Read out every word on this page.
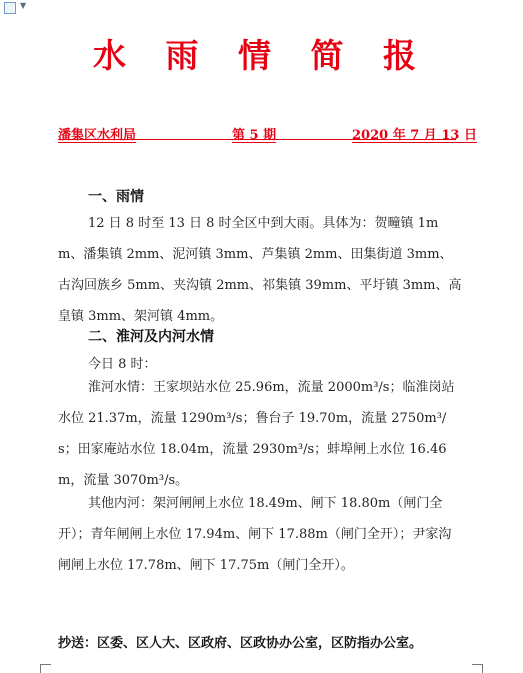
▼
水 雨 情 简 报
潘集区水利局	第 5 期	2020 年 7 月 13 日
一、雨情
12 日 8 时至 13 日 8 时全区中到大雨。具体为：贺疃镇 1mm、潘集镇 2mm、泥河镇 3mm、芦集镇 2mm、田集街道 3mm、古沟回族乡 5mm、夹沟镇 2mm、祁集镇 39mm、平圩镇 3mm、高皇镇 3mm、架河镇 4mm。
二、淮河及内河水情
今日 8 时：
淮河水情：王家坝站水位 25.96m，流量 2000m³/s；临淮岗站水位 21.37m，流量 1290m³/s；鲁台子 19.70m，流量 2750m³/s；田家庵站水位 18.04m，流量 2930m³/s；蚌埠闸上水位 16.46m，流量 3070m³/s。
其他内河：架河闸闸上水位 18.49m、闸下 18.80m（闸门全开）；青年闸闸上水位 17.94m、闸下 17.88m（闸门全开）；尹家沟闸闸上水位 17.78m、闸下 17.75m（闸门全开）。
抄送：区委、区人大、区政府、区政协办公室，区防指办公室。
